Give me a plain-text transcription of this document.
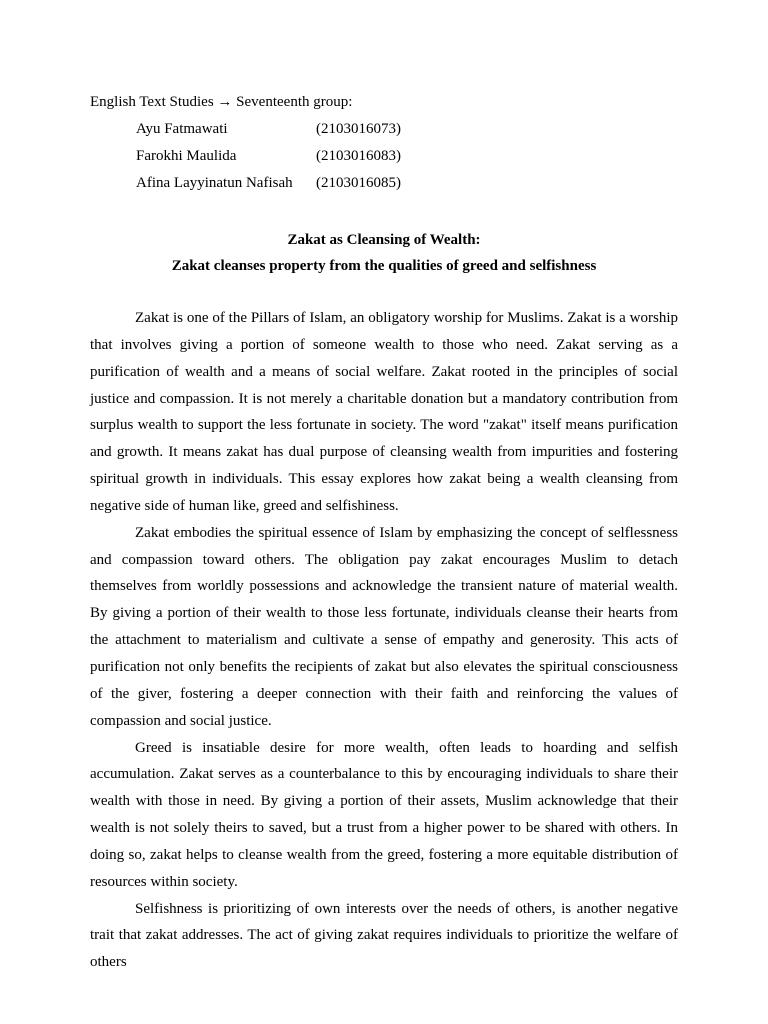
English Text Studies → Seventeenth group:
Ayu Fatmawati	(2103016073)
Farokhi Maulida	(2103016083)
Afina Layyinatun Nafisah (2103016085)
Zakat as Cleansing of Wealth:
Zakat cleanses property from the qualities of greed and selfishness

Zakat is one of the Pillars of Islam, an obligatory worship for Muslims. Zakat is a worship that involves giving a portion of someone wealth to those who need. Zakat serving as a purification of wealth and a means of social welfare. Zakat rooted in the principles of social justice and compassion. It is not merely a charitable donation but a mandatory contribution from surplus wealth to support the less fortunate in society. The word "zakat" itself means purification and growth. It means zakat has dual purpose of cleansing wealth from impurities and fostering spiritual growth in individuals. This essay explores how zakat being a wealth cleansing from negative side of human like, greed and selfishiness.

Zakat embodies the spiritual essence of Islam by emphasizing the concept of selflessness and compassion toward others. The obligation pay zakat encourages Muslim to detach themselves from worldly possessions and acknowledge the transient nature of material wealth. By giving a portion of their wealth to those less fortunate, individuals cleanse their hearts from the attachment to materialism and cultivate a sense of empathy and generosity. This acts of purification not only benefits the recipients of zakat but also elevates the spiritual consciousness of the giver, fostering a deeper connection with their faith and reinforcing the values of compassion and social justice.

Greed is insatiable desire for more wealth, often leads to hoarding and selfish accumulation. Zakat serves as a counterbalance to this by encouraging individuals to share their wealth with those in need. By giving a portion of their assets, Muslim acknowledge that their wealth is not solely theirs to saved, but a trust from a higher power to be shared with others. In doing so, zakat helps to cleanse wealth from the greed, fostering a more equitable distribution of resources within society.

Selfishness is prioritizing of own interests over the needs of others, is another negative trait that zakat addresses. The act of giving zakat requires individuals to prioritize the welfare of others
